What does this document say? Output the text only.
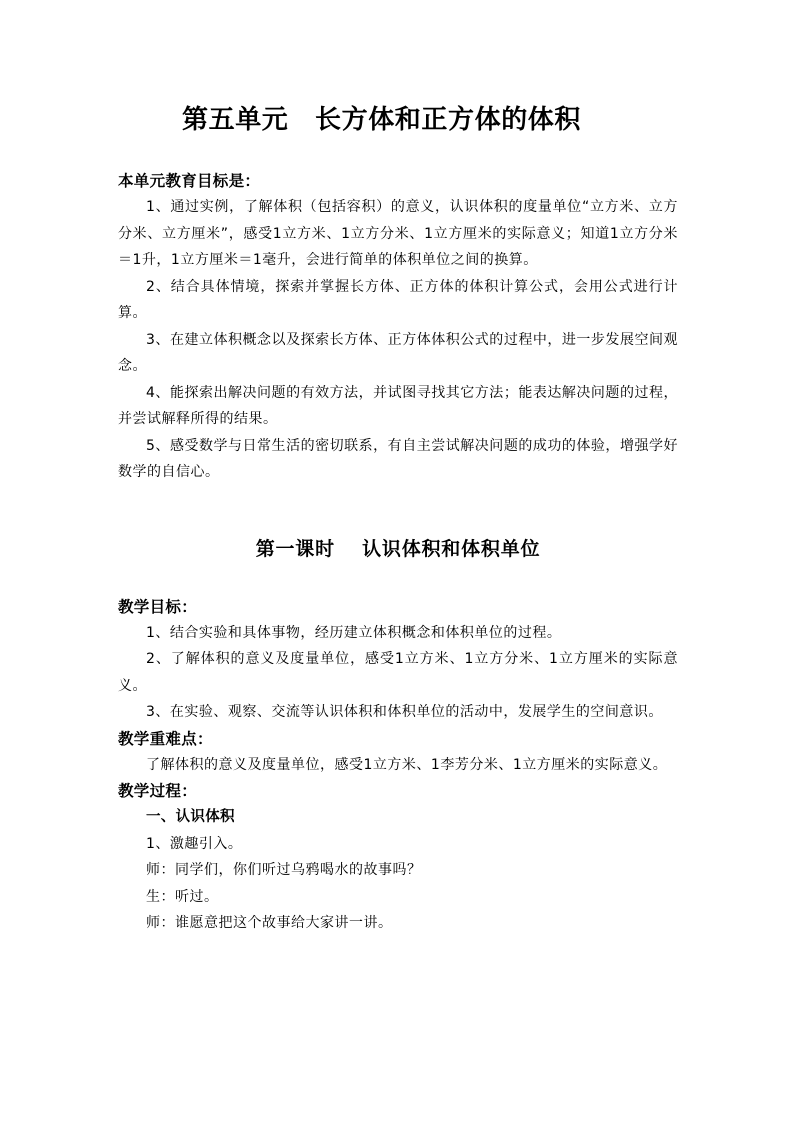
第五单元　长方体和正方体的体积

本单元教育目标是：

1、通过实例，了解体积（包括容积）的意义，认识体积的度量单位“立方米、立方分米、立方厘米”，感受1立方米、1立方分米、1立方厘米的实际意义；知道1立方分米＝1升，1立方厘米＝1毫升，会进行简单的体积单位之间的换算。

2、结合具体情境，探索并掌握长方体、正方体的体积计算公式，会用公式进行计算。

3、在建立体积概念以及探索长方体、正方体体积公式的过程中，进一步发展空间观念。

4、能探索出解决问题的有效方法，并试图寻找其它方法；能表达解决问题的过程，并尝试解释所得的结果。

5、感受数学与日常生活的密切联系，有自主尝试解决问题的成功的体验，增强学好数学的自信心。

第一课时　 认识体积和体积单位

教学目标：

1、结合实验和具体事物，经历建立体积概念和体积单位的过程。

2、了解体积的意义及度量单位，感受1立方米、1立方分米、1立方厘米的实际意义。

3、在实验、观察、交流等认识体积和体积单位的活动中，发展学生的空间意识。

教学重难点：

了解体积的意义及度量单位，感受1立方米、1李芳分米、1立方厘米的实际意义。

教学过程：

一、认识体积

1、激趣引入。

师：同学们，你们听过乌鸦喝水的故事吗？

生：听过。

师：谁愿意把这个故事给大家讲一讲。
